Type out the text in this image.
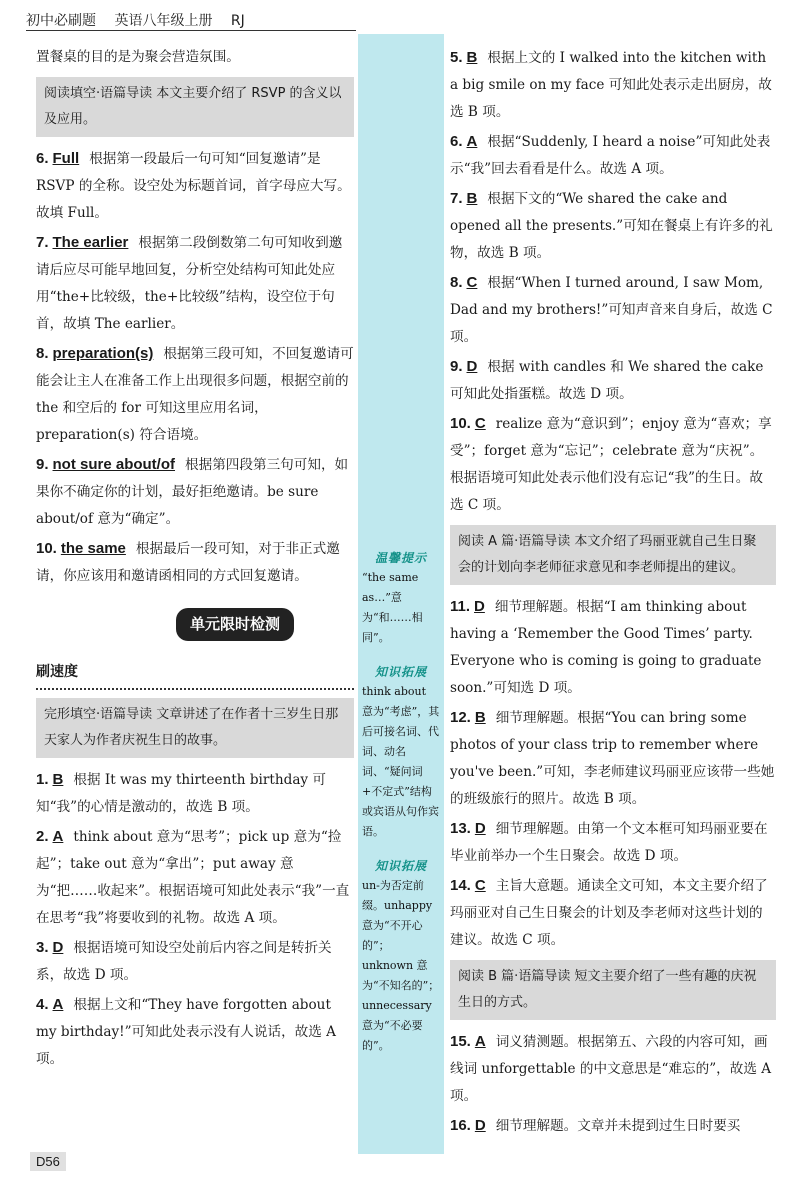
初中必刷题 英语八年级上册 RJ
置餐桌的目的是为聚会营造氛围。
阅读填空·语篇导读 本文主要介绍了 RSVP 的含义以及应用。
6. Full 根据第一段最后一句可知“回复邀请”是 RSVP 的全称。设空处为标题首词，首字母应大写。故填 Full。
7. The earlier 根据第二段倒数第二句可知收到邀请后应尽可能早地回复，分析空处结构可知此处应用“the+比较级，the+比较级”结构，设空位于句首，故填 The earlier。
8. preparation(s) 根据第三段可知，不回复邀请可能会让主人在准备工作上出现很多问题，根据空前的 the 和空后的 for 可知这里应用名词，preparation(s) 符合语境。
9. not sure about/of 根据第四段第三句可知，如果你不确定你的计划，最好拒绝邀请。be sure about/of 意为“确定”。
10. the same 根据最后一段可知，对于非正式邀请，你应该用和邀请函相同的方式回复邀请。
单元限时检测
刷速度
完形填空·语篇导读 文章讲述了在作者十三岁生日那天家人为作者庆祝生日的故事。
1. B 根据 It was my thirteenth birthday 可知“我”的心情是激动的，故选 B 项。
2. A think about 意为“思考”；pick up 意为“捡起”；take out 意为“拿出”；put away 意为“把……收起来”。根据语境可知此处表示“我”一直在思考“我”将要收到的礼物。故选 A 项。
3. D 根据语境可知设空处前后内容之间是转折关系，故选 D 项。
4. A 根据上文和“They have forgotten about my birthday!”可知此处表示没有人说话，故选 A 项。
温馨提示
“the same as…”意为“和……相同”。
知识拓展
think about 意为“考虑”，其后可接名词、代词、动名词、“疑问词+不定式”结构或宾语从句作宾语。
知识拓展
un-为否定前缀。unhappy 意为“不开心的”；unknown 意为“不知名的”；unnecessary 意为“不必要的”。
5. B 根据上文的 I walked into the kitchen with a big smile on my face 可知此处表示走出厨房，故选 B 项。
6. A 根据“Suddenly, I heard a noise”可知此处表示“我”回去看看是什么。故选 A 项。
7. B 根据下文的“We shared the cake and opened all the presents.”可知在餐桌上有许多的礼物，故选 B 项。
8. C 根据“When I turned around, I saw Mom, Dad and my brothers!”可知声音来自身后，故选 C 项。
9. D 根据 with candles 和 We shared the cake 可知此处指蛋糕。故选 D 项。
10. C realize 意为“意识到”；enjoy 意为“喜欢；享受”；forget 意为“忘记”；celebrate 意为“庆祝”。根据语境可知此处表示他们没有忘记“我”的生日。故选 C 项。
阅读 A 篇·语篇导读 本文介绍了玛丽亚就自己生日聚会的计划向李老师征求意见和李老师提出的建议。
11. D 细节理解题。根据“I am thinking about having a ‘Remember the Good Times’ party. Everyone who is coming is going to graduate soon.”可知选 D 项。
12. B 细节理解题。根据“You can bring some photos of your class trip to remember where you've been.”可知，李老师建议玛丽亚应该带一些她的班级旅行的照片。故选 B 项。
13. D 细节理解题。由第一个文本框可知玛丽亚要在毕业前举办一个生日聚会。故选 D 项。
14. C 主旨大意题。通读全文可知，本文主要介绍了玛丽亚对自己生日聚会的计划及李老师对这些计划的建议。故选 C 项。
阅读 B 篇·语篇导读 短文主要介绍了一些有趣的庆祝生日的方式。
15. A 词义猜测题。根据第五、六段的内容可知，画线词 unforgettable 的中文意思是“难忘的”，故选 A 项。
16. D 细节理解题。文章并未提到过生日时要买
D56
